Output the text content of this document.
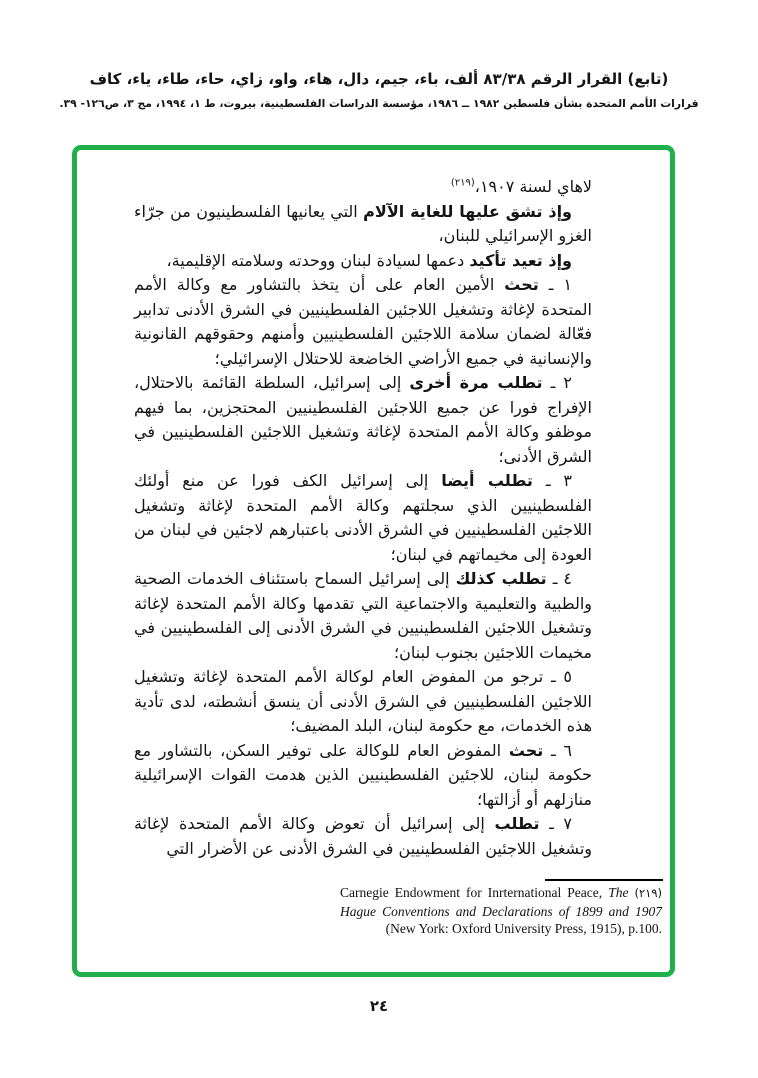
(تابع) القرار الرقم ٨٣/٣٨ ألف، باء، جيم، دال، هاء، واو، زاي، حاء، طاء، ياء، كاف
قرارات الأمم المتحدة بشأن فلسطين ١٩٨٢ ــ ١٩٨٦، مؤسسة الدراسات الفلسطينية، بيروت، ط ١، ١٩٩٤، مج ٣، ص١٢٦- ٣٩.

لاهاي لسنة ١٩٠٧،$^{(٢١٩)}$

وإذ تشق عليها للغاية الآلام التي يعانيها الفلسطينيون من جرّاء الغزو الإسرائيلي للبنان،

وإذ تعيد تأكيد دعمها لسيادة لبنان ووحدته وسلامته الإقليمية،

١ ـ تحث الأمين العام على أن يتخذ بالتشاور مع وكالة الأمم المتحدة لإغاثة وتشغيل اللاجئين الفلسطينيين في الشرق الأدنى تدابير فعّالة لضمان سلامة اللاجئين الفلسطينيين وأمنهم وحقوقهم القانونية والإنسانية في جميع الأراضي الخاضعة للاحتلال الإسرائيلي؛

٢ ـ تطلب مرة أخرى إلى إسرائيل، السلطة القائمة بالاحتلال، الإفراج فورا عن جميع اللاجئين الفلسطينيين المحتجزين، بما فيهم موظفو وكالة الأمم المتحدة لإغاثة وتشغيل اللاجئين الفلسطينيين في الشرق الأدنى؛

٣ ـ تطلب أيضا إلى إسرائيل الكف فورا عن منع أولئك الفلسطينيين الذي سجلتهم وكالة الأمم المتحدة لإغاثة وتشغيل اللاجئين الفلسطينيين في الشرق الأدنى باعتبارهم لاجئين في لبنان من العودة إلى مخيماتهم في لبنان؛

٤ ـ تطلب كذلك إلى إسرائيل السماح باستئناف الخدمات الصحية والطبية والتعليمية والاجتماعية التي تقدمها وكالة الأمم المتحدة لإغاثة وتشغيل اللاجئين الفلسطينيين في الشرق الأدنى إلى الفلسطينيين في مخيمات اللاجئين بجنوب لبنان؛

٥ ـ ترجو من المفوض العام لوكالة الأمم المتحدة لإغاثة وتشغيل اللاجئين الفلسطينيين في الشرق الأدنى أن ينسق أنشطته، لدى تأدية هذه الخدمات، مع حكومة لبنان، البلد المضيف؛

٦ ـ تحث المفوض العام للوكالة على توفير السكن، بالتشاور مع حكومة لبنان، للاجئين الفلسطينيين الذين هدمت القوات الإسرائيلية منازلهم أو أزالتها؛

٧ ـ تطلب إلى إسرائيل أن تعوض وكالة الأمم المتحدة لإغاثة وتشغيل اللاجئين الفلسطينيين في الشرق الأدنى عن الأضرار التي

(٢١٩) Carnegie Endowment for Inrternational Peace, The Hague Conventions and Declarations of 1899 and 1907 (New York: Oxford University Press, 1915), p.100.
٢٤
